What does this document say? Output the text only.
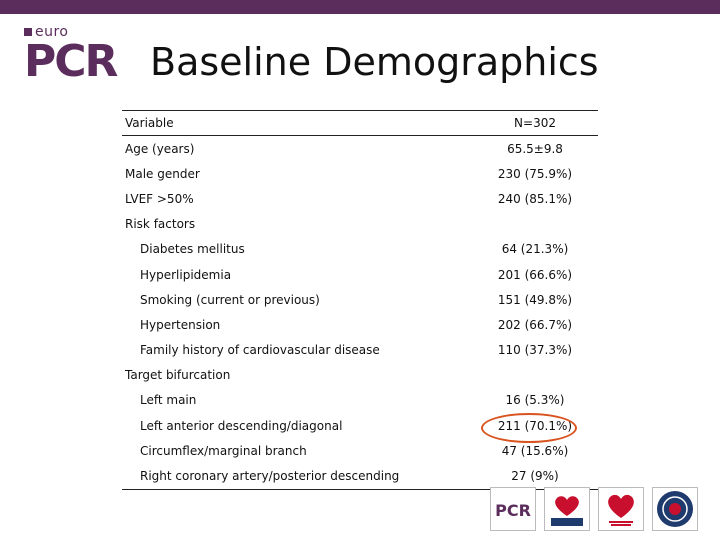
euro
PCR Baseline Demographics
Variable	N=302
Age (years)	65.5±9.8
Male gender	230 (75.9%)
LVEF >50%	240 (85.1%)
Risk factors	
Diabetes mellitus	64 (21.3%)
Hyperlipidemia	201 (66.6%)
Smoking (current or previous)	151 (49.8%)
Hypertension	202 (66.7%)
Family history of cardiovascular disease	110 (37.3%)
Target bifurcation	
Left main	16 (5.3%)
Left anterior descending/diagonal	211 (70.1%)
Circumflex/marginal branch	47 (15.6%)
Right coronary artery/posterior descending	27 (9%)
PCR
